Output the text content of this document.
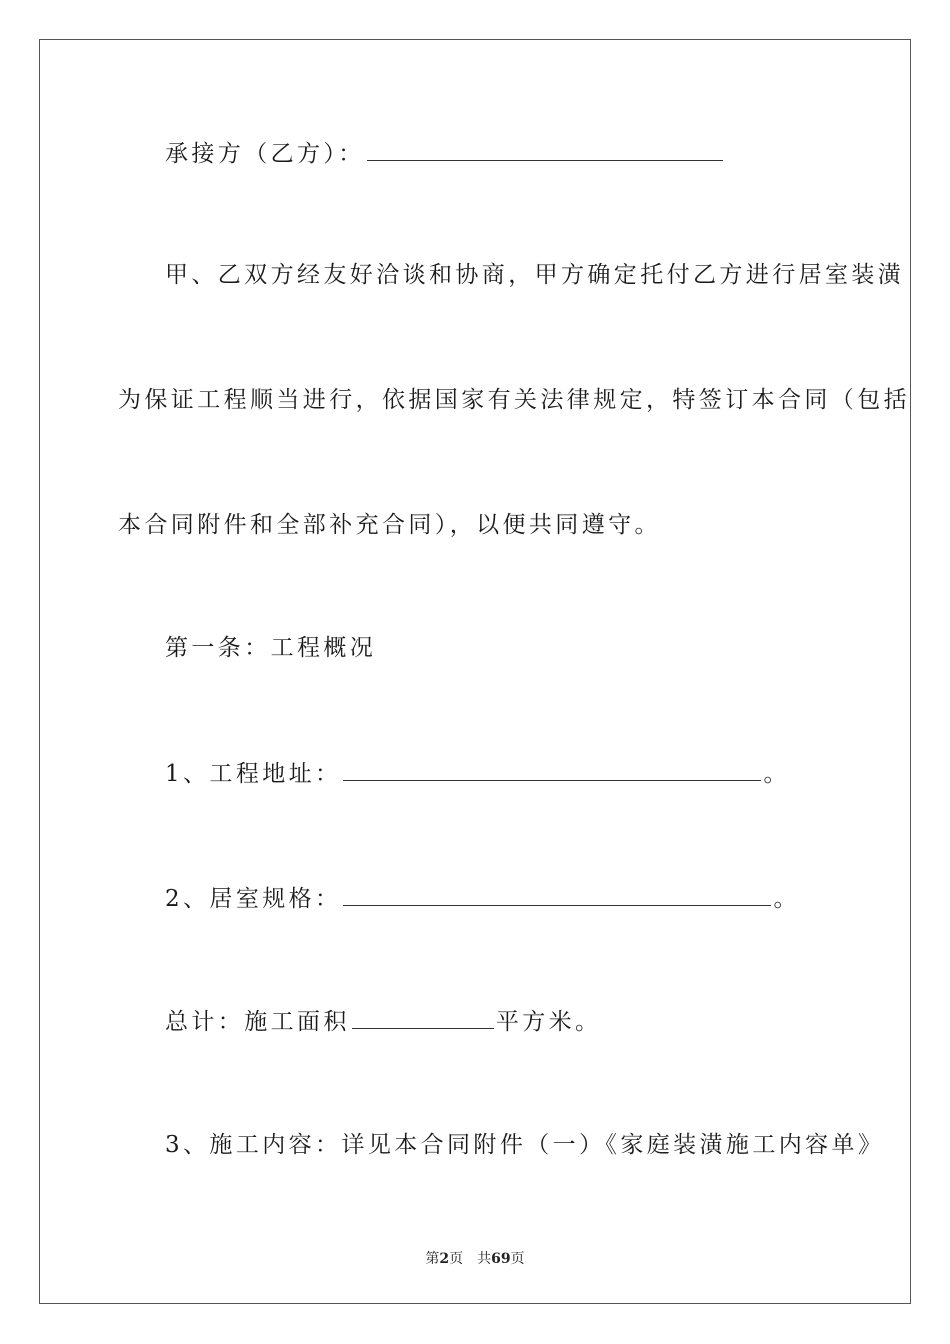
承接方（乙方）：
甲、乙双方经友好洽谈和协商，甲方确定托付乙方进行居室装潢
为保证工程顺当进行，依据国家有关法律规定，特签订本合同（包括
本合同附件和全部补充合同），以便共同遵守。
第一条：工程概况
1、工程地址：	。
2、居室规格：	。
总计：施工面积	平方米。
3、施工内容：详见本合同附件（一）《家庭装潢施工内容单》
第2页 共69页
